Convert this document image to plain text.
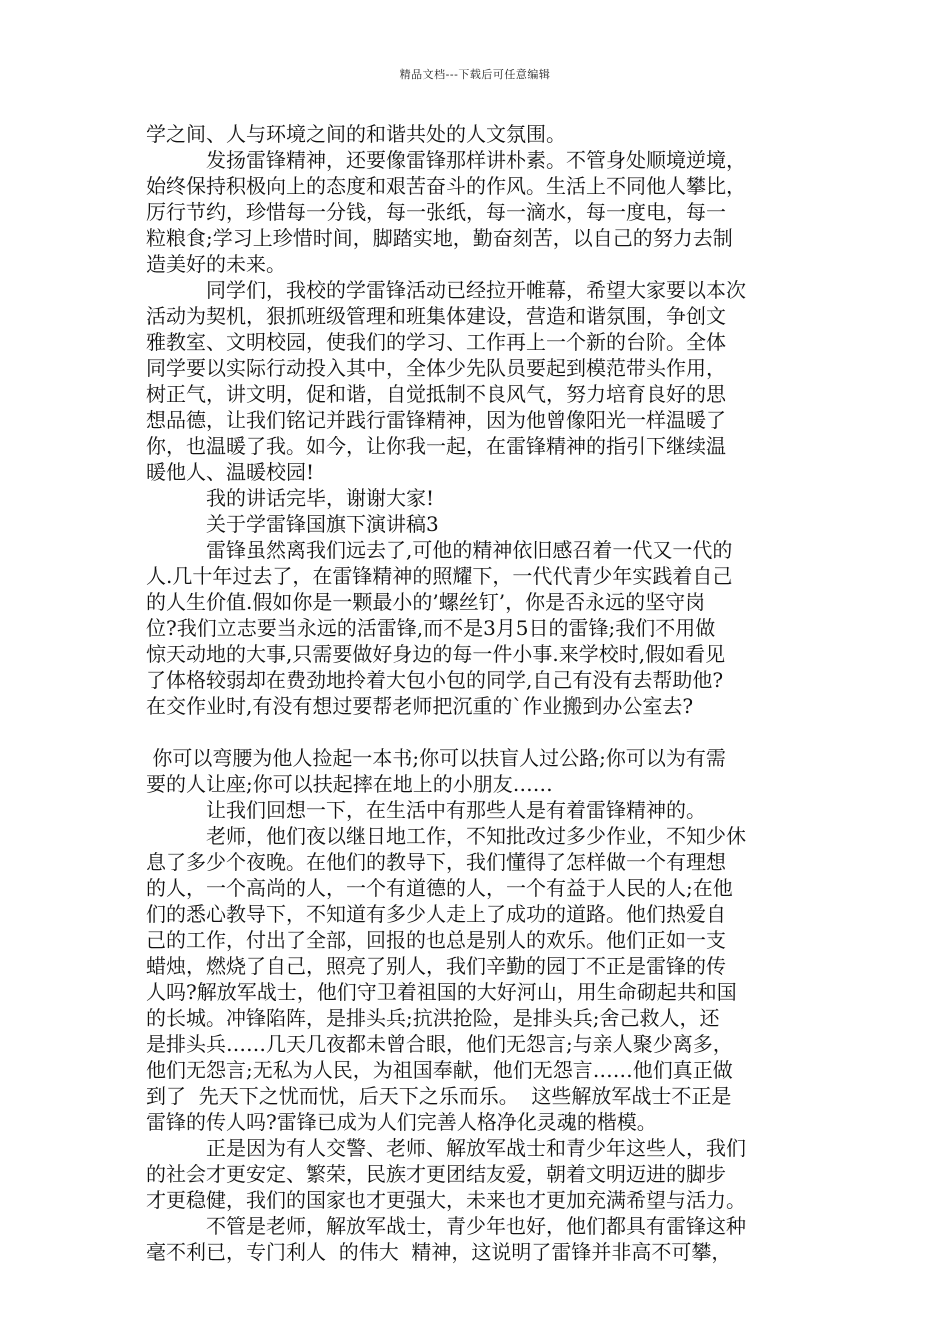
精品文档---下载后可任意编辑
学之间、人与环境之间的和谐共处的人文氛围。
　　　发扬雷锋精神，还要像雷锋那样讲朴素。不管身处顺境逆境，
始终保持积极向上的态度和艰苦奋斗的作风。生活上不同他人攀比，
厉行节约，珍惜每一分钱，每一张纸，每一滴水，每一度电，每一
粒粮食;学习上珍惜时间，脚踏实地，勤奋刻苦，以自己的努力去制
造美好的未来。
　　　同学们，我校的学雷锋活动已经拉开帷幕，希望大家要以本次
活动为契机，狠抓班级管理和班集体建设，营造和谐氛围，争创文
雅教室、文明校园，使我们的学习、工作再上一个新的台阶。全体
同学要以实际行动投入其中，全体少先队员要起到模范带头作用，
树正气，讲文明，促和谐，自觉抵制不良风气，努力培育良好的思
想品德，让我们铭记并践行雷锋精神，因为他曾像阳光一样温暖了
你，也温暖了我。如今，让你我一起，在雷锋精神的指引下继续温
暖他人、温暖校园!
　　　我的讲话完毕，谢谢大家!
　　　关于学雷锋国旗下演讲稿3
　　　雷锋虽然离我们远去了,可他的精神依旧感召着一代又一代的
人.几十年过去了，在雷锋精神的照耀下，一代代青少年实践着自己
的人生价值.假如你是一颗最小的’螺丝钉’，你是否永远的坚守岗
位?我们立志要当永远的活雷锋,而不是3月5日的雷锋;我们不用做
惊天动地的大事,只需要做好身边的每一件小事.来学校时,假如看见
了体格较弱却在费劲地拎着大包小包的同学,自己有没有去帮助他?
在交作业时,有没有想过要帮老师把沉重的`作业搬到办公室去?
你可以弯腰为他人捡起一本书;你可以扶盲人过公路;你可以为有需
要的人让座;你可以扶起摔在地上的小朋友……
　　　让我们回想一下，在生活中有那些人是有着雷锋精神的。
　　　老师，他们夜以继日地工作，不知批改过多少作业，不知少休
息了多少个夜晚。在他们的教导下，我们懂得了怎样做一个有理想
的人，一个高尚的人，一个有道德的人，一个有益于人民的人;在他
们的悉心教导下，不知道有多少人走上了成功的道路。他们热爱自
己的工作，付出了全部，回报的也总是别人的欢乐。他们正如一支
蜡烛，燃烧了自己，照亮了别人，我们辛勤的园丁不正是雷锋的传
人吗?解放军战士，他们守卫着祖国的大好河山，用生命砌起共和国
的长城。冲锋陷阵，是排头兵;抗洪抢险，是排头兵;舍己救人，还
是排头兵……几天几夜都未曾合眼，他们无怨言;与亲人聚少离多，
他们无怨言;无私为人民，为祖国奉献，他们无怨言……他们真正做
到了  先天下之忧而忧，后天下之乐而乐。  这些解放军战士不正是
雷锋的传人吗?雷锋已成为人们完善人格净化灵魂的楷模。
　　　正是因为有人交警、老师、解放军战士和青少年这些人，我们
的社会才更安定、繁荣，民族才更团结友爱，朝着文明迈进的脚步
才更稳健，我们的国家也才更强大，未来也才更加充满希望与活力。
　　　不管是老师，解放军战士，青少年也好，他们都具有雷锋这种
毫不利已，专门利人  的伟大  精神，这说明了雷锋并非高不可攀，
